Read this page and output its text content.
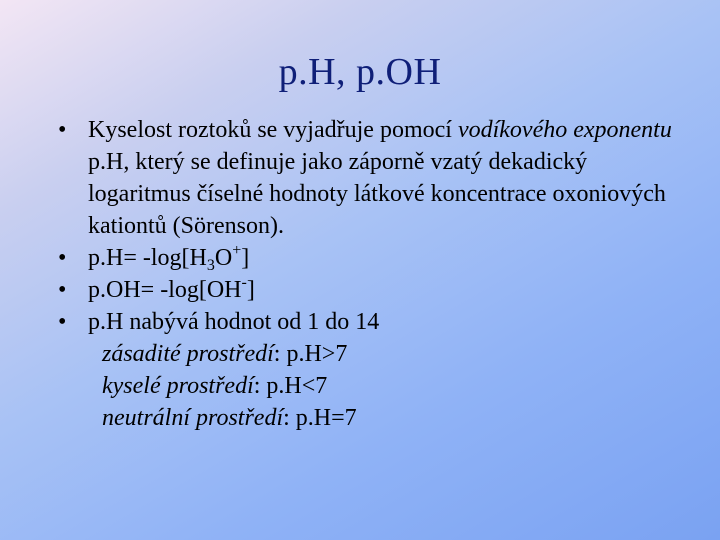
p.H, p.OH
• Kyselost roztoků se vyjadřuje pomocí vodíkového exponentu p.H, který se definuje jako záporně vzatý dekadický logaritmus číselné hodnoty látkové koncentrace oxoniových kationtů (Sörenson).
• $p.H= -\log[H_3O^+]$
• p.OH= -log[OH-]
• p.H nabývá hodnot od 1 do 14
zásadité prostředí: p.H>7
kyselé prostředí: p.H<7
neutrální prostředí: p.H=7
